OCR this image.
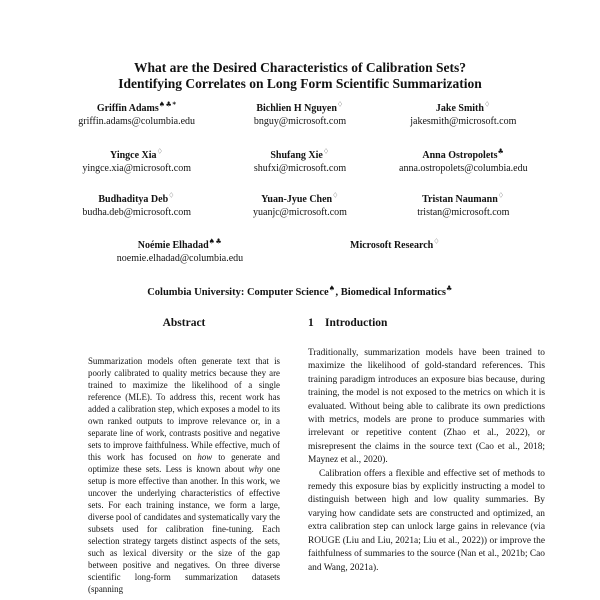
What are the Desired Characteristics of Calibration Sets?
Identifying Correlates on Long Form Scientific Summarization
Griffin Adams♠♣*
griffin.adams@columbia.edu
Bichlien H Nguyen♢
bnguy@microsoft.com
Jake Smith♢
jakesmith@microsoft.com
Yingce Xia♢
yingce.xia@microsoft.com
Shufang Xie♢
shufxi@microsoft.com
Anna Ostropolets♣
anna.ostropolets@columbia.edu
Budhaditya Deb♢
budha.deb@microsoft.com
Yuan-Jyue Chen♢
yuanjc@microsoft.com
Tristan Naumann♢
tristan@microsoft.com
Noémie Elhadad♠♣
noemie.elhadad@columbia.edu
Microsoft Research♢
Columbia University: Computer Science♠, Biomedical Informatics♣
Abstract

Summarization models often generate text that is poorly calibrated to quality metrics because they are trained to maximize the likelihood of a single reference (MLE). To address this, recent work has added a calibration step, which exposes a model to its own ranked outputs to improve relevance or, in a separate line of work, contrasts positive and negative sets to improve faithfulness. While effective, much of this work has focused on how to generate and optimize these sets. Less is known about why one setup is more effective than another. In this work, we uncover the underlying characteristics of effective sets. For each training instance, we form a large, diverse pool of candidates and systematically vary the subsets used for calibration fine-tuning. Each selection strategy targets distinct aspects of the sets, such as lexical diversity or the size of the gap between positive and negatives. On three diverse scientific long-form summarization datasets (spanning

1 Introduction

Traditionally, summarization models have been trained to maximize the likelihood of gold-standard references. This training paradigm introduces an exposure bias because, during training, the model is not exposed to the metrics on which it is evaluated. Without being able to calibrate its own predictions with metrics, models are prone to produce summaries with irrelevant or repetitive content (Zhao et al., 2022), or misrepresent the claims in the source text (Cao et al., 2018; Maynez et al., 2020).

Calibration offers a flexible and effective set of methods to remedy this exposure bias by explicitly instructing a model to distinguish between high and low quality summaries. By varying how candidate sets are constructed and optimized, an extra calibration step can unlock large gains in relevance (via ROUGE (Liu and Liu, 2021a; Liu et al., 2022)) or improve the faithfulness of summaries to the source (Nan et al., 2021b; Cao and Wang, 2021a).
